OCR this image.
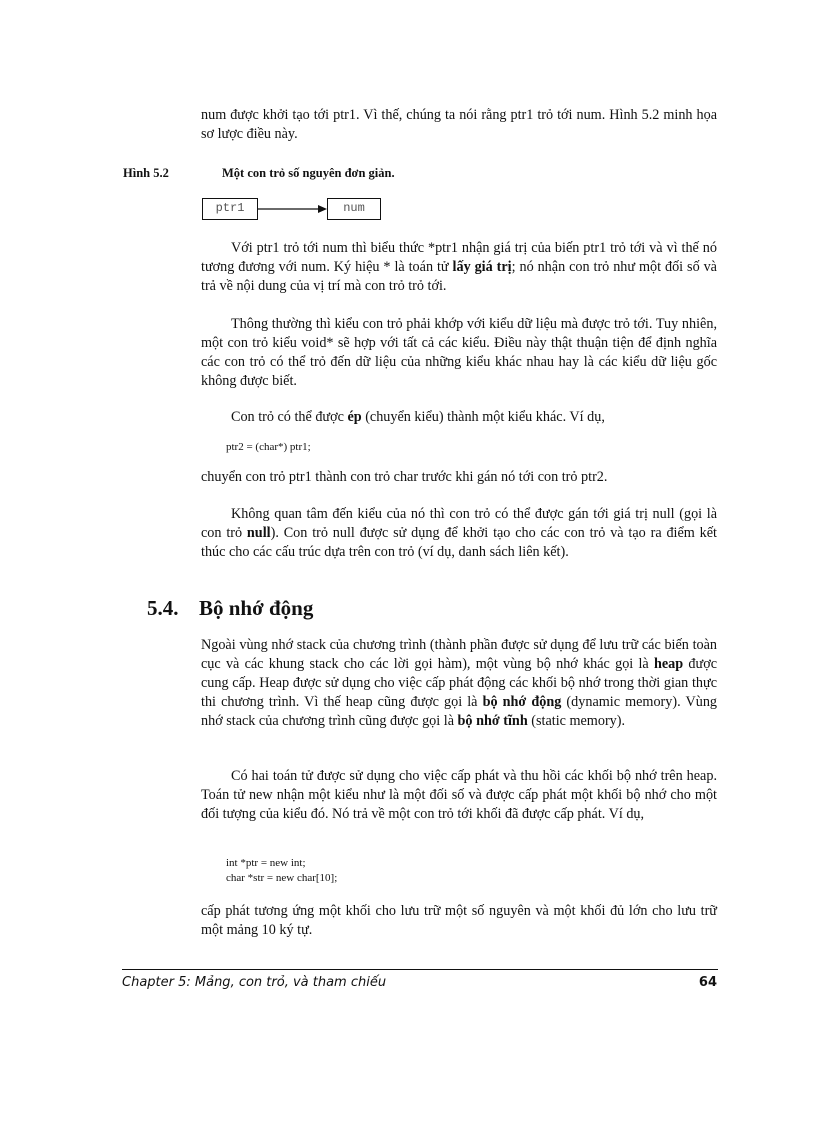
num được khởi tạo tới ptr1. Vì thế, chúng ta nói rằng ptr1 trỏ tới num. Hình 5.2 minh họa sơ lược điều này.

Hình 5.2	Một con trỏ số nguyên đơn giản.
ptr1	num

Với ptr1 trỏ tới num thì biểu thức *ptr1 nhận giá trị của biến ptr1 trỏ tới và vì thế nó tương đương với num. Ký hiệu * là toán tử lấy giá trị; nó nhận con trỏ như một đối số và trả về nội dung của vị trí mà con trỏ trỏ tới.

Thông thường thì kiểu con trỏ phải khớp với kiểu dữ liệu mà được trỏ tới. Tuy nhiên, một con trỏ kiểu void* sẽ hợp với tất cả các kiểu. Điều này thật thuận tiện để định nghĩa các con trỏ có thể trỏ đến dữ liệu của những kiểu khác nhau hay là các kiểu dữ liệu gốc không được biết.

Con trỏ có thể được ép (chuyển kiểu) thành một kiểu khác. Ví dụ,

ptr2 = (char*) ptr1;

chuyển con trỏ ptr1 thành con trỏ char trước khi gán nó tới con trỏ ptr2.

Không quan tâm đến kiểu của nó thì con trỏ có thể được gán tới giá trị null (gọi là con trỏ null). Con trỏ null được sử dụng để khởi tạo cho các con trỏ và tạo ra điểm kết thúc cho các cấu trúc dựa trên con trỏ (ví dụ, danh sách liên kết).

5.4. Bộ nhớ động

Ngoài vùng nhớ stack của chương trình (thành phần được sử dụng để lưu trữ các biến toàn cục và các khung stack cho các lời gọi hàm), một vùng bộ nhớ khác gọi là heap được cung cấp. Heap được sử dụng cho việc cấp phát động các khối bộ nhớ trong thời gian thực thi chương trình. Vì thế heap cũng được gọi là bộ nhớ động (dynamic memory). Vùng nhớ stack của chương trình cũng được gọi là bộ nhớ tĩnh (static memory).

Có hai toán tử được sử dụng cho việc cấp phát và thu hồi các khối bộ nhớ trên heap. Toán tử new nhận một kiểu như là một đối số và được cấp phát một khối bộ nhớ cho một đối tượng của kiểu đó. Nó trả về một con trỏ tới khối đã được cấp phát. Ví dụ,

int *ptr = new int;

char *str = new char[10];

cấp phát tương ứng một khối cho lưu trữ một số nguyên và một khối đủ lớn cho lưu trữ một mảng 10 ký tự.

Chapter 5: Mảng, con trỏ, và tham chiếu	64
